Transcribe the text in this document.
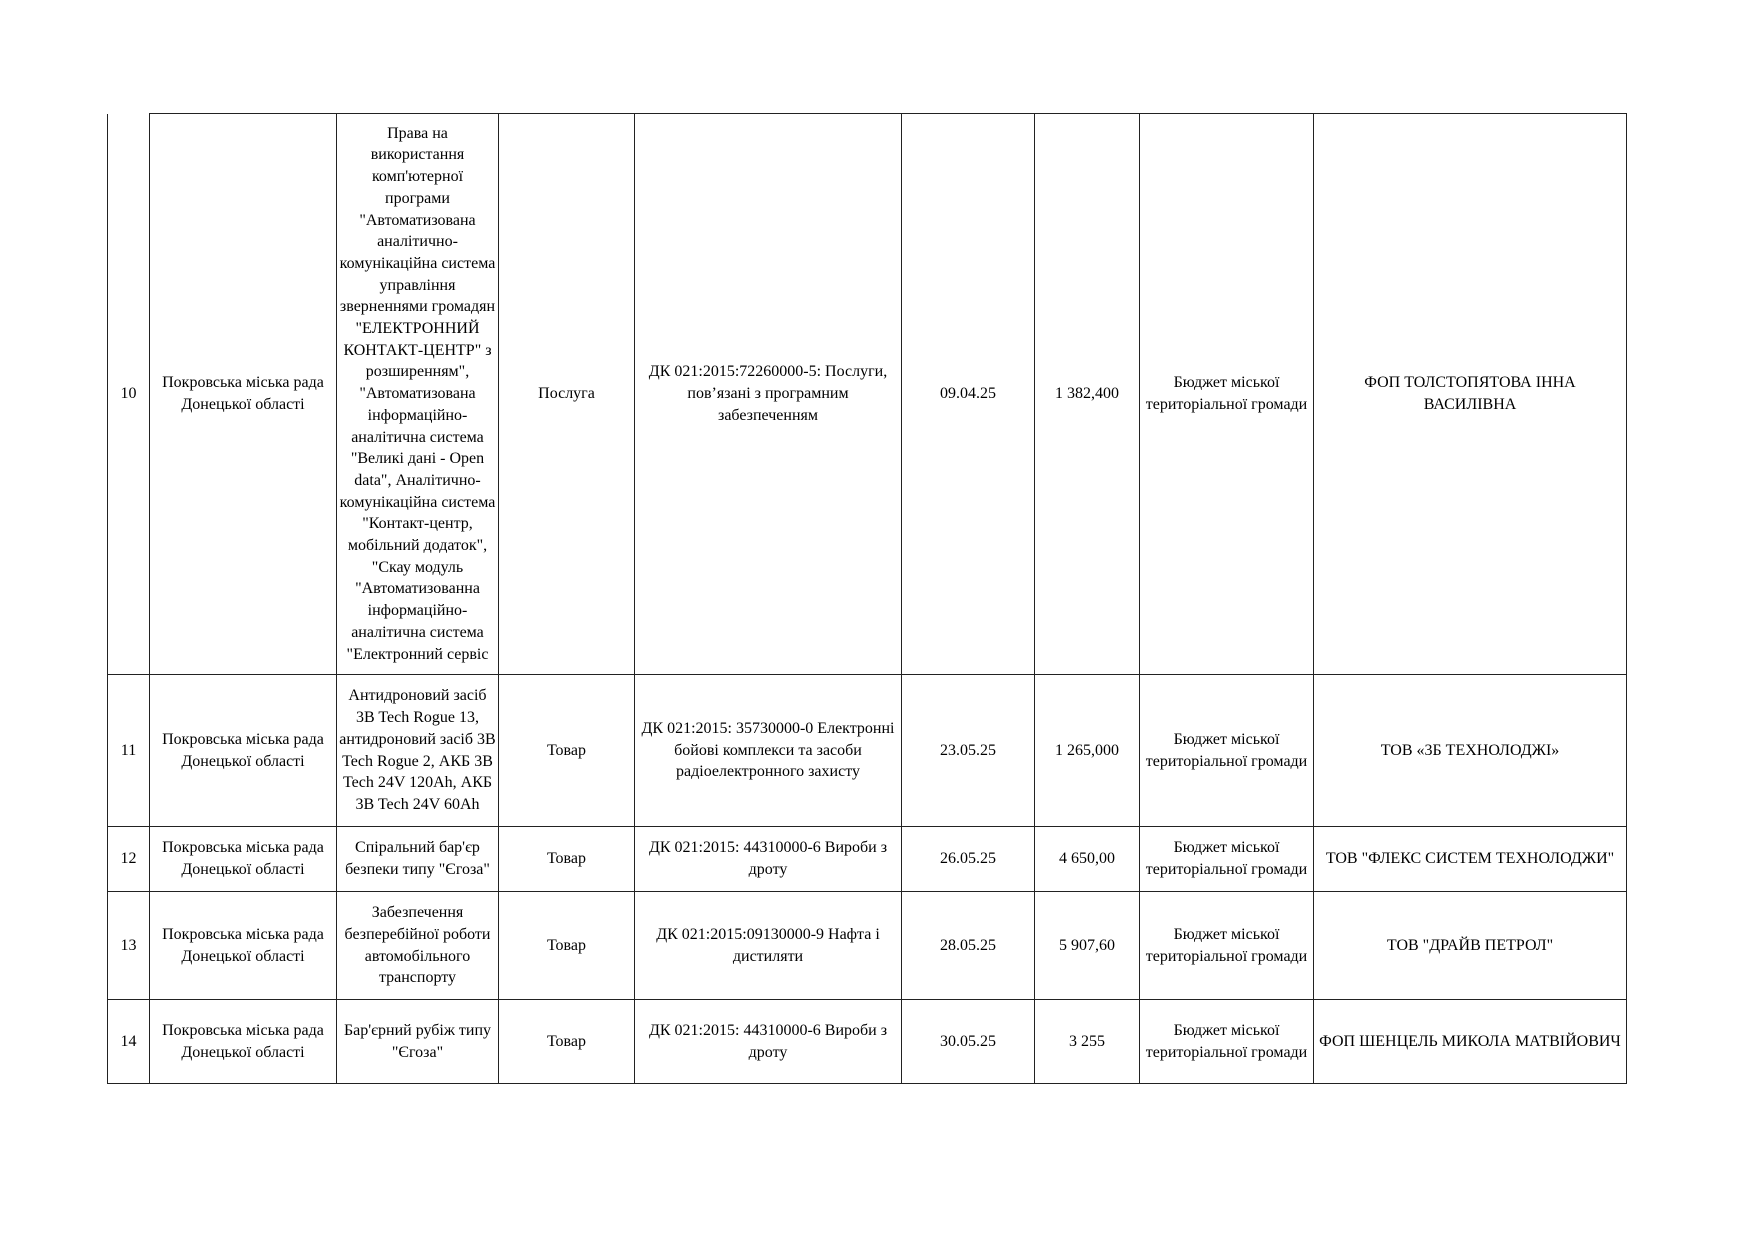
10	Покровська міська рада Донецької області	Права на використання комп'ютерної програми "Автоматизована аналітично-комунікаційна система управління зверненнями громадян "ЕЛЕКТРОННИЙ КОНТАКТ-ЦЕНТР" з розширенням", "Автоматизована інформаційно-аналітична система "Великі дані - Open data", Аналітично-комунікаційна система "Контакт-центр, мобільний додаток", "Скау модуль "Автоматизованна інформаційно-аналітична система "Електронний сервіс	Послуга	ДК 021:2015:72260000-5: Послуги, пов’язані з програмним забезпеченням	09.04.25	1 382,400	Бюджет міської територіальної громади	ФОП ТОЛСТОПЯТОВА ІННА ВАСИЛІВНА
11	Покровська міська рада Донецької області	Антидроновий засіб 3B Tech Rogue 13, антидроновий засіб 3B Tech Rogue 2, АКБ 3B Tech 24V 120Ah, АКБ 3B Tech 24V 60Ah	Товар	ДК 021:2015: 35730000-0 Електронні бойові комплекси та засоби радіоелектронного захисту	23.05.25	1 265,000	Бюджет міської територіальної громади	ТОВ «3Б ТЕХНОЛОДЖІ»
12	Покровська міська рада Донецької області	Спіральний бар'єр безпеки типу "Єгоза"	Товар	ДК 021:2015: 44310000-6 Вироби з дроту	26.05.25	4 650,00	Бюджет міської територіальної громади	ТОВ "ФЛЕКС СИСТЕМ ТЕХНОЛОДЖИ"
13	Покровська міська рада Донецької області	Забезпечення безперебійної роботи автомобільного транспорту	Товар	ДК 021:2015:09130000-9 Нафта і дистиляти	28.05.25	5 907,60	Бюджет міської територіальної громади	ТОВ "ДРАЙВ ПЕТРОЛ"
14	Покровська міська рада Донецької області	Бар'єрний рубіж типу "Єгоза"	Товар	ДК 021:2015: 44310000-6 Вироби з дроту	30.05.25	3 255	Бюджет міської територіальної громади	ФОП ШЕНЦЕЛЬ МИКОЛА МАТВІЙОВИЧ
